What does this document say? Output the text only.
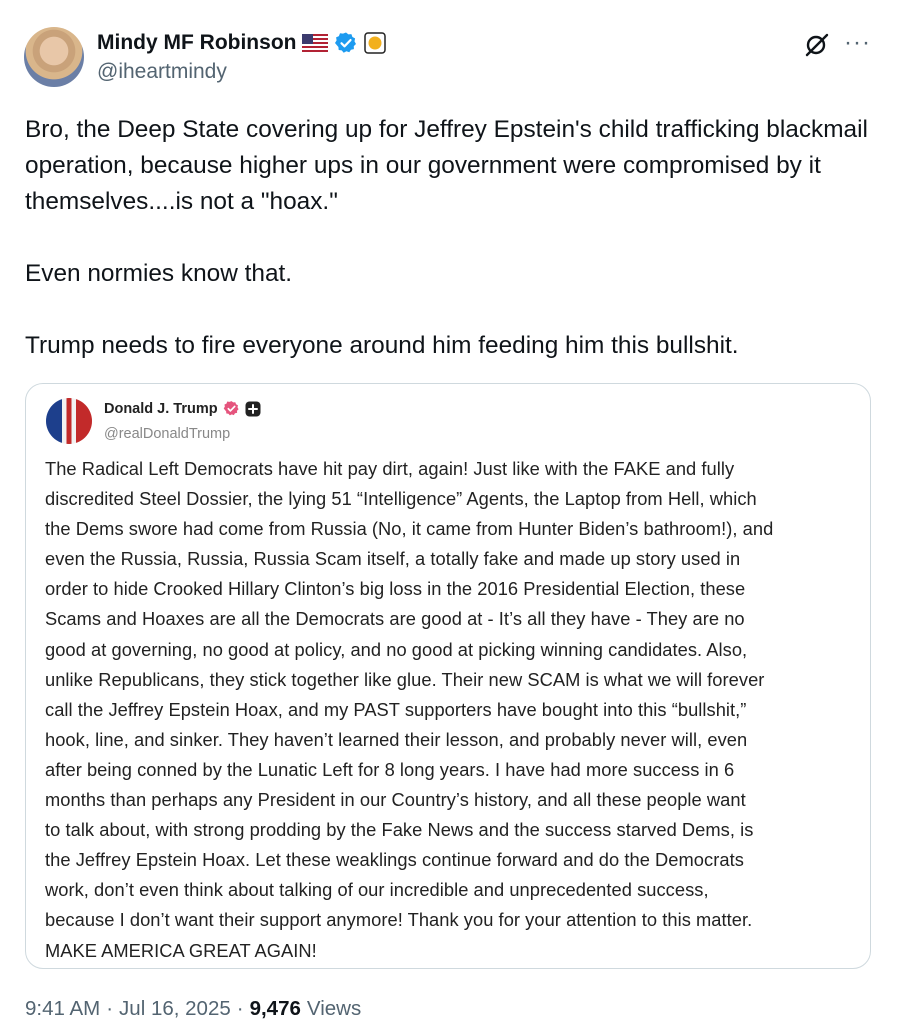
Mindy MF Robinson
@iheartmindy
···

Bro, the Deep State covering up for Jeffrey Epstein's child trafficking blackmail operation, because higher ups in our government were compromised by it themselves....is not a "hoax."

Even normies know that.

Trump needs to fire everyone around him feeding him this bullshit.

Donald J. Trump
@realDonaldTrump
The Radical Left Democrats have hit pay dirt, again! Just like with the FAKE and fully
discredited Steel Dossier, the lying 51 “Intelligence” Agents, the Laptop from Hell, which
the Dems swore had come from Russia (No, it came from Hunter Biden’s bathroom!), and
even the Russia, Russia, Russia Scam itself, a totally fake and made up story used in
order to hide Crooked Hillary Clinton’s big loss in the 2016 Presidential Election, these
Scams and Hoaxes are all the Democrats are good at - It’s all they have - They are no
good at governing, no good at policy, and no good at picking winning candidates. Also,
unlike Republicans, they stick together like glue. Their new SCAM is what we will forever
call the Jeffrey Epstein Hoax, and my PAST supporters have bought into this “bullshit,”
hook, line, and sinker. They haven’t learned their lesson, and probably never will, even
after being conned by the Lunatic Left for 8 long years. I have had more success in 6
months than perhaps any President in our Country’s history, and all these people want
to talk about, with strong prodding by the Fake News and the success starved Dems, is
the Jeffrey Epstein Hoax. Let these weaklings continue forward and do the Democrats
work, don’t even think about talking of our incredible and unprecedented success,
because I don’t want their support anymore! Thank you for your attention to this matter.
MAKE AMERICA GREAT AGAIN!
9:41 AM · Jul 16, 2025 · 9,476 Views
